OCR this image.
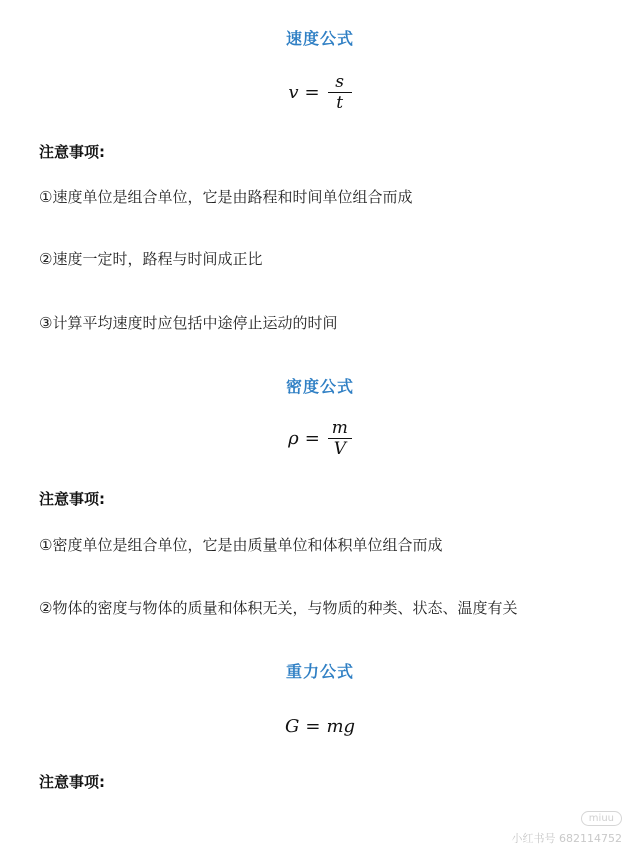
速度公式
$v = \frac{s}{t}$
注意事项:
①速度单位是组合单位，它是由路程和时间单位组合而成
②速度一定时，路程与时间成正比
③计算平均速度时应包括中途停止运动的时间
密度公式
$\rho = \frac{m}{V}$
注意事项:
①密度单位是组合单位，它是由质量单位和体积单位组合而成
②物体的密度与物体的质量和体积无关，与物质的种类、状态、温度有关
重力公式
G = mg
注意事项:
miuu
小红书号 682114752
